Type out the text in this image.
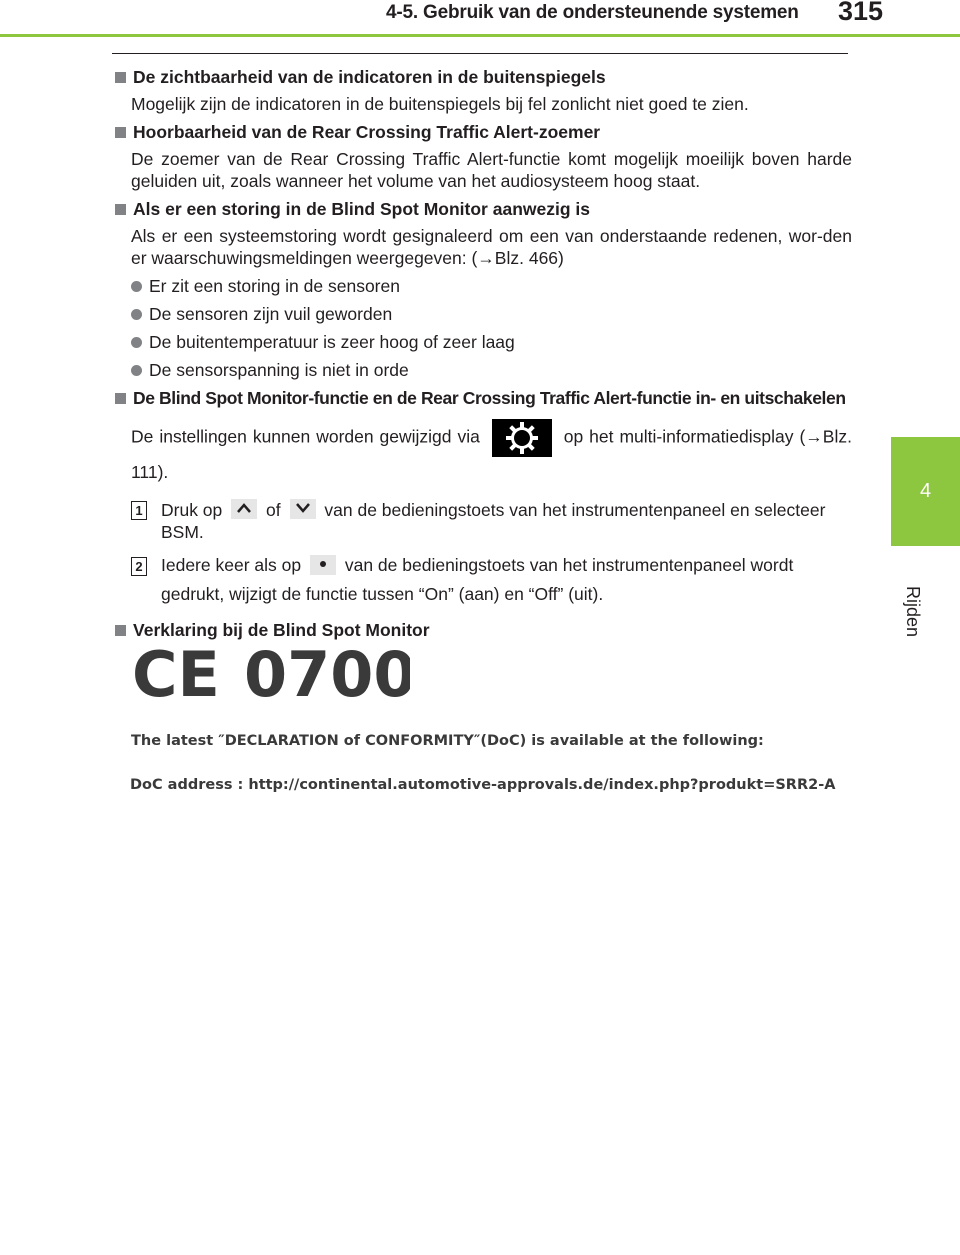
4-5. Gebruik van de ondersteunende systemen 315
4
Rijden
De zichtbaarheid van de indicatoren in de buitenspiegels
Mogelijk zijn de indicatoren in de buitenspiegels bij fel zonlicht niet goed te zien.
Hoorbaarheid van de Rear Crossing Traffic Alert-zoemer
De zoemer van de Rear Crossing Traffic Alert-functie komt mogelijk moeilijk boven harde geluiden uit, zoals wanneer het volume van het audiosysteem hoog staat.
Als er een storing in de Blind Spot Monitor aanwezig is
Als er een systeemstoring wordt gesignaleerd om een van onderstaande redenen, wor-den er waarschuwingsmeldingen weergegeven: (→Blz. 466)
Er zit een storing in de sensoren
De sensoren zijn vuil geworden
De buitentemperatuur is zeer hoog of zeer laag
De sensorspanning is niet in orde
De Blind Spot Monitor-functie en de Rear Crossing Traffic Alert-functie in- en uitschakelen
De instellingen kunnen worden gewijzigd via	op het multi-informatiedisplay (→Blz. 111).
1 Druk op	of	van de bedieningstoets van het instrumentenpaneel en selecteer BSM.
2 Iedere keer als op	van de bedieningstoets van het instrumentenpaneel wordt gedrukt, wijzigt de functie tussen “On” (aan) en “Off” (uit).
Verklaring bij de Blind Spot Monitor
CE 0700
The latest ″DECLARATION of CONFORMITY″(DoC) is available at the following:
DoC address : http://continental.automotive-approvals.de/index.php?produkt=SRR2-A
